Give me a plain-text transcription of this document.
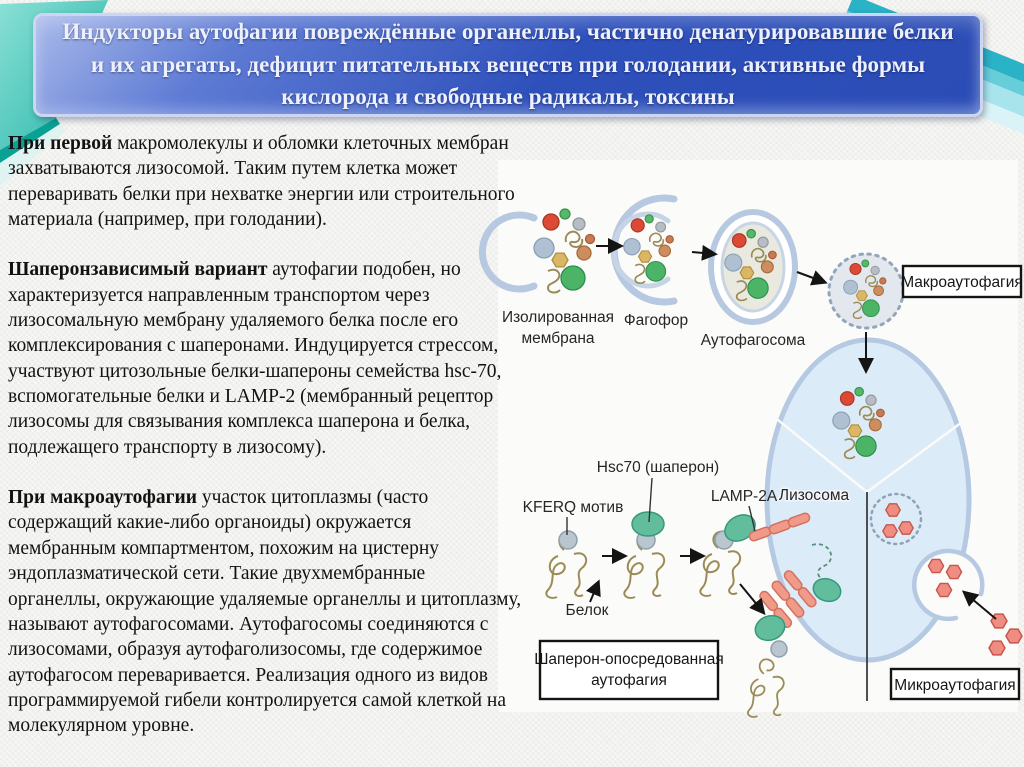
Изолированная
мембрана
Фагофор
Аутофагосома
Hsc70 (шаперон)
KFERQ мотив
LAMP-2A Лизосома
Белок
Макроаутофагия
Шаперон-опосредованная
аутофагия	Микроаутофагия
Индукторы аутофагии повреждённые органеллы, частично денатурировавшие белки и их агрегаты, дефицит питательных веществ при голодании, активные формы кислорода и свободные радикалы, токсины

При первой макромолекулы и обломки клеточных мембран захватываются лизосомой. Таким путем клетка может переваривать белки при нехватке энергии или строительного материала (например, при голодании).

Шаперонзависимый вариант аутофагии подобен, но характеризуется направленным транспортом через лизосомальную мембрану удаляемого белка после его комплексирования с шаперонами. Индуцируется стрессом, участвуют цитозольные белки-шапероны семейства hsc-70, вспомогательные белки и LAMP-2 (мембранный рецептор лизосомы для связывания комплекса шаперона и белка, подлежащего транспорту в лизосому).

При макроаутофагии участок цитоплазмы (часто содержащий какие-либо органоиды) окружается мембранным компартментом, похожим на цистерну эндоплазматической сети. Такие двухмембранные органеллы, окружающие удаляемые органеллы и цитоплазму, называют аутофагосомами. Аутофагосомы соединяются с лизосомами, образуя аутофаголизосомы, где содержимое аутофагосом переваривается. Реализация одного из видов программируемой гибели контролируется самой клеткой на молекулярном уровне.
